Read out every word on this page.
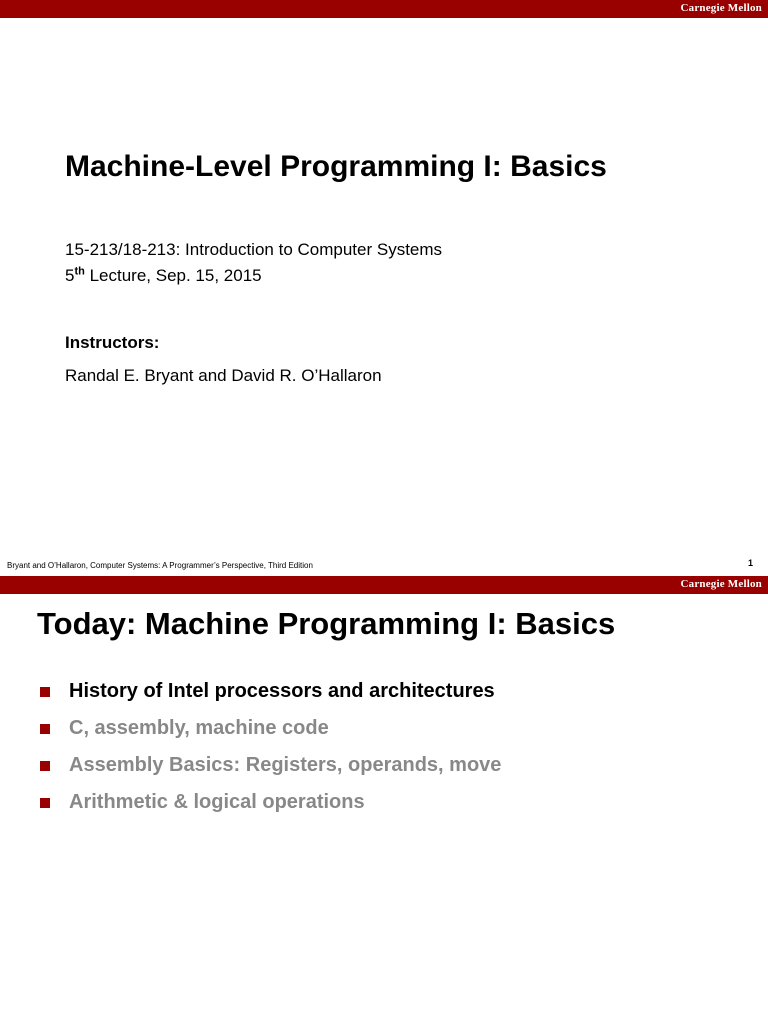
Carnegie Mellon
Machine-Level Programming I: Basics
15-213/18-213: Introduction to Computer Systems
5th Lecture, Sep. 15, 2015
Instructors:
Randal E. Bryant and David R. O’Hallaron
Bryant and O’Hallaron, Computer Systems: A Programmer’s Perspective, Third Edition	1
Carnegie Mellon
Today: Machine Programming I: Basics
History of Intel processors and architectures
C, assembly, machine code
Assembly Basics: Registers, operands, move
Arithmetic & logical operations
